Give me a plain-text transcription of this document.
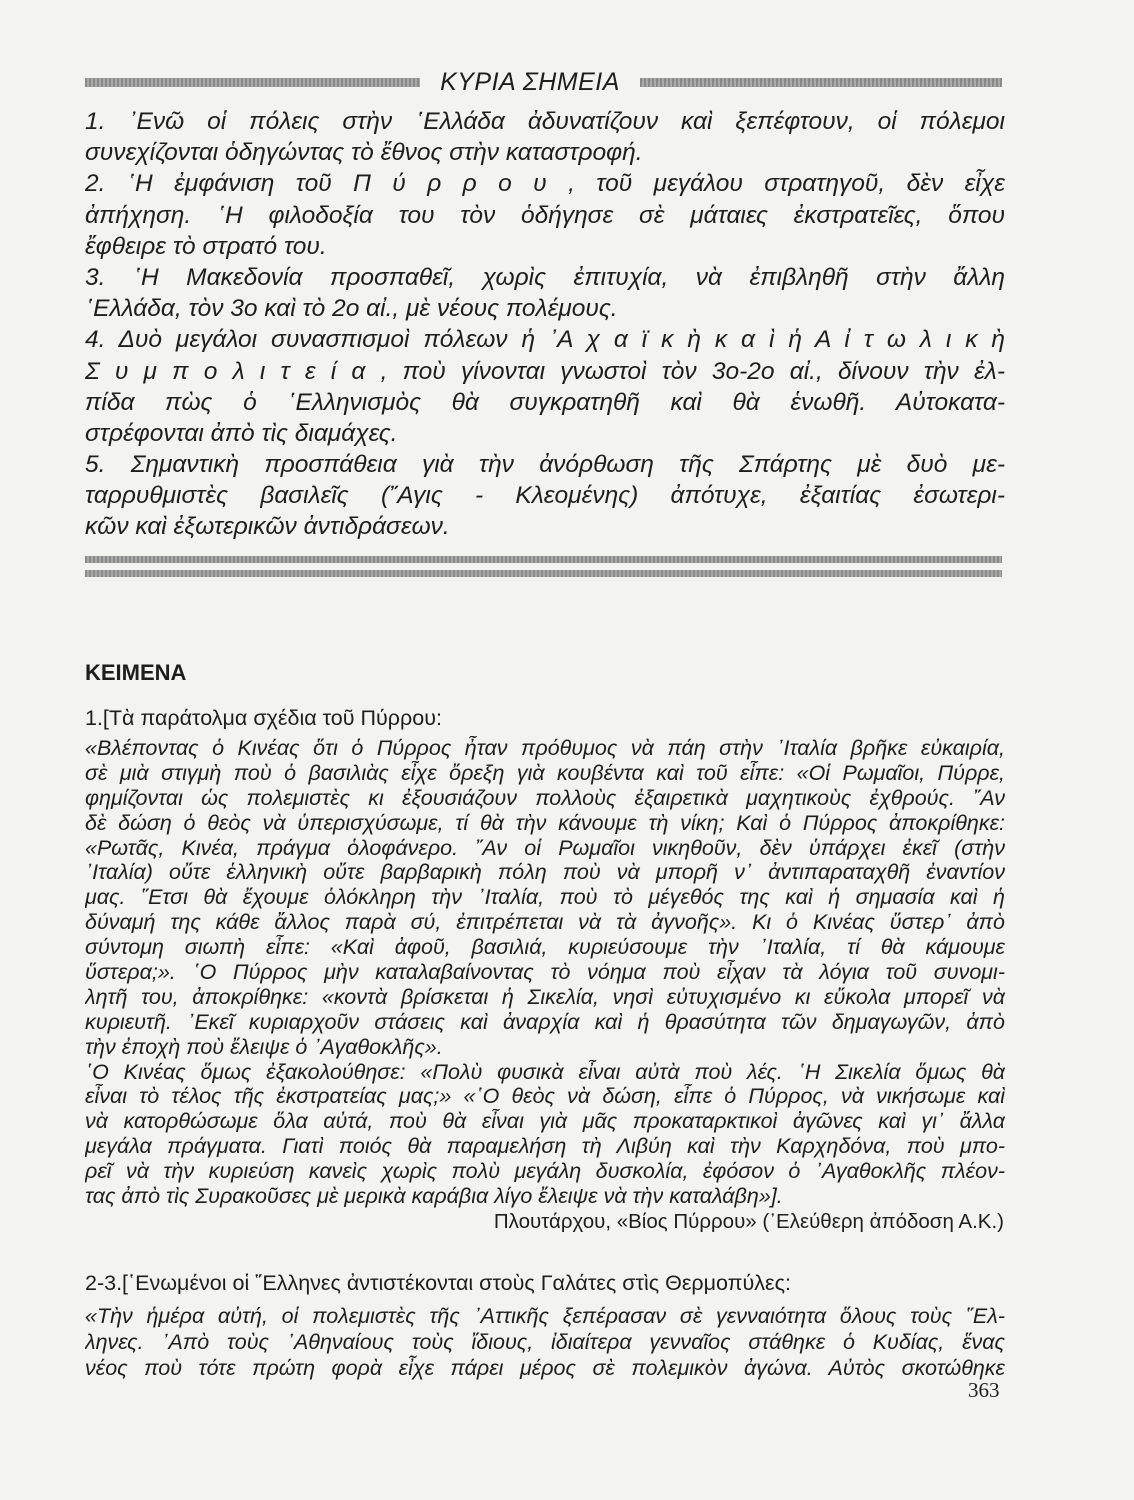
ΚΥΡΙΑ ΣΗΜΕΙΑ
1. ᾿Ενῶ οἱ πόλεις στὴν ῾Ελλάδα ἀδυνατίζουν καὶ ξεπέφτουν, οἱ πόλεμοι
συνεχίζονται ὁδηγώντας τὸ ἔθνος στὴν καταστροφή.
2. ῾Η ἐμφάνιση τοῦ Π ύ ρ ρ ο υ , τοῦ μεγάλου στρατηγοῦ, δὲν εἶχε
ἀπήχηση. ῾Η φιλοδοξία του τὸν ὁδήγησε σὲ μάταιες ἐκστρατεῖες, ὅπου
ἔφθειρε τὸ στρατό του.
3. ῾Η Μακεδονία προσπαθεῖ, χωρὶς ἐπιτυχία, νὰ ἐπιβληθῆ στὴν ἄλλη
῾Ελλάδα, τὸν 3ο καὶ τὸ 2ο αἰ., μὲ νέους πολέμους.
4. Δυὸ μεγάλοι συνασπισμοὶ πόλεων ἡ ᾿Α χ α ϊ κ ὴ κ α ὶ ἡ Α ἰ τ ω λ ι κ ὴ
Σ υ μ π ο λ ι τ ε ί α , ποὺ γίνονται γνωστοὶ τὸν 3ο-2ο αἰ., δίνουν τὴν ἐλ-
πίδα πὼς ὁ ῾Ελληνισμὸς θὰ συγκρατηθῆ καὶ θὰ ἑνωθῆ. Αὐτοκατα-
στρέφονται ἀπὸ τὶς διαμάχες.
5. Σημαντικὴ προσπάθεια γιὰ τὴν ἀνόρθωση τῆς Σπάρτης μὲ δυὸ με-
ταρρυθμιστὲς βασιλεῖς (῎Αγις - Κλεομένης) ἀπότυχε, ἐξαιτίας ἐσωτερι-
κῶν καὶ ἐξωτερικῶν ἀντιδράσεων.
ΚΕΙΜΕΝΑ
1.[Τὰ παράτολμα σχέδια τοῦ Πύρρου:
«Βλέποντας ὁ Κινέας ὅτι ὁ Πύρρος ἦταν πρόθυμος νὰ πάη στὴν ᾿Ιταλία βρῆκε εὐκαιρία,
σὲ μιὰ στιγμὴ ποὺ ὁ βασιλιὰς εἶχε ὄρεξη γιὰ κουβέντα καὶ τοῦ εἶπε: «Οἱ Ρωμαῖοι, Πύρρε,
φημίζονται ὡς πολεμιστὲς κι ἐξουσιάζουν πολλοὺς ἐξαιρετικὰ μαχητικοὺς ἐχθρούς. ῎Αν
δὲ δώση ὁ θεὸς νὰ ὑπερισχύσωμε, τί θὰ τὴν κάνουμε τὴ νίκη; Καὶ ὁ Πύρρος ἀποκρίθηκε:
«Ρωτᾶς, Κινέα, πράγμα ὁλοφάνερο. ῎Αν οἱ Ρωμαῖοι νικηθοῦν, δὲν ὑπάρχει ἐκεῖ (στὴν
᾿Ιταλία) οὔτε ἑλληνικὴ οὔτε βαρβαρικὴ πόλη ποὺ νὰ μπορῆ ν᾿ ἀντιπαραταχθῆ ἐναντίον
μας. ῞Ετσι θὰ ἔχουμε ὁλόκληρη τὴν ᾿Ιταλία, ποὺ τὸ μέγεθός της καὶ ἡ σημασία καὶ ἡ
δύναμή της κάθε ἄλλος παρὰ σύ, ἐπιτρέπεται νὰ τὰ ἀγνοῆς». Κι ὁ Κινέας ὕστερ᾿ ἀπὸ
σύντομη σιωπὴ εἶπε: «Καὶ ἀφοῦ, βασιλιά, κυριεύσουμε τὴν ᾿Ιταλία, τί θὰ κάμουμε
ὕστερα;». ῾Ο Πύρρος μὴν καταλαβαίνοντας τὸ νόημα ποὺ εἶχαν τὰ λόγια τοῦ συνομι-
λητῆ του, ἀποκρίθηκε: «κοντὰ βρίσκεται ἡ Σικελία, νησὶ εὐτυχισμένο κι εὔκολα μπορεῖ νὰ
κυριευτῆ. ᾿Εκεῖ κυριαρχοῦν στάσεις καὶ ἀναρχία καὶ ἡ θρασύτητα τῶν δημαγωγῶν, ἀπὸ
τὴν ἐποχὴ ποὺ ἔλειψε ὁ ᾿Αγαθοκλῆς».
῾Ο Κινέας ὅμως ἐξακολούθησε: «Πολὺ φυσικὰ εἶναι αὐτὰ ποὺ λές. ῾Η Σικελία ὅμως θὰ
εἶναι τὸ τέλος τῆς ἐκστρατείας μας;» «῾Ο θεὸς νὰ δώση, εἶπε ὁ Πύρρος, νὰ νικήσωμε καὶ
νὰ κατορθώσωμε ὅλα αὐτά, ποὺ θὰ εἶναι γιὰ μᾶς προκαταρκτικοὶ ἀγῶνες καὶ γι᾿ ἄλλα
μεγάλα πράγματα. Γιατὶ ποιός θὰ παραμελήση τὴ Λιβύη καὶ τὴν Καρχηδόνα, ποὺ μπο-
ρεῖ νὰ τὴν κυριεύση κανεὶς χωρὶς πολὺ μεγάλη δυσκολία, ἐφόσον ὁ ᾿Αγαθοκλῆς πλέον-
τας ἀπὸ τὶς Συρακοῦσες μὲ μερικὰ καράβια λίγο ἔλειψε νὰ τὴν καταλάβη»].
Πλουτάρχου, «Βίος Πύρρου» (᾿Ελεύθερη ἀπόδοση Α.Κ.)
2-3.[῾Ενωμένοι οἱ ῞Ελληνες ἀντιστέκονται στοὺς Γαλάτες στὶς Θερμοπύλες:
«Τὴν ἡμέρα αὐτή, οἱ πολεμιστὲς τῆς ᾿Αττικῆς ξεπέρασαν σὲ γενναιότητα ὅλους τοὺς ῞Ελ-
ληνες. ᾿Απὸ τοὺς ᾿Αθηναίους τοὺς ἴδιους, ἰδιαίτερα γενναῖος στάθηκε ὁ Κυδίας, ἕνας
νέος ποὺ τότε πρώτη φορὰ εἶχε πάρει μέρος σὲ πολεμικὸν ἀγώνα. Αὐτὸς σκοτώθηκε
363
